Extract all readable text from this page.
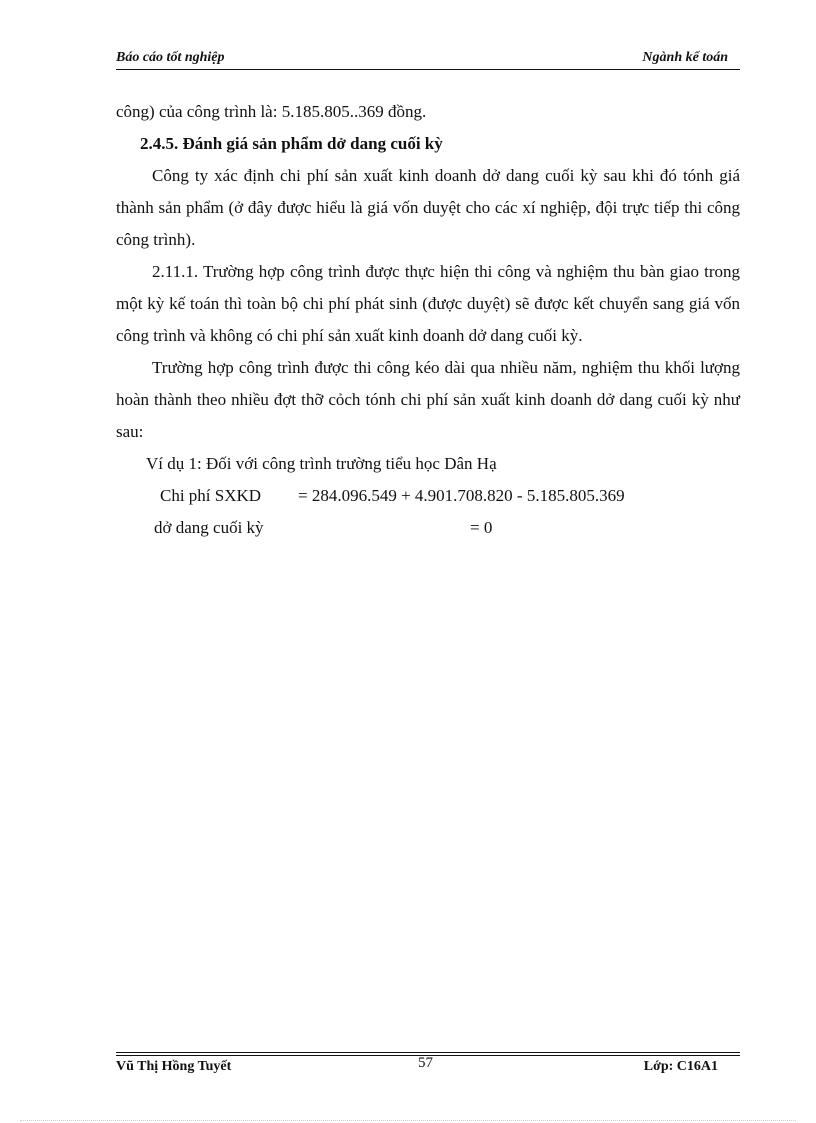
Báo cáo tốt nghiệp	Ngành kế toán

công) của công trình là: 5.185.805..369 đồng.

2.4.5. Đánh giá sản phẩm dở dang cuối kỳ

Công ty xác định chi phí sản xuất kinh doanh dở dang cuối kỳ sau khi đó tónh giá thành sản phẩm (ở đây được hiểu là giá vốn duyệt cho các xí nghiệp, đội trực tiếp thi công công trình).

2.11.1. Trường hợp công trình được thực hiện thi công và nghiệm thu bàn giao trong một kỳ kế toán thì toàn bộ chi phí phát sinh (được duyệt) sẽ được kết chuyển sang giá vốn công trình và không có chi phí sản xuất kinh doanh dở dang cuối kỳ.

Trường hợp công trình được thi công kéo dài qua nhiều năm, nghiệm thu khối lượng hoàn thành theo nhiều đợt thỡ cỏch tónh chi phí sản xuất kinh doanh dở dang cuối kỳ như sau:

Ví dụ 1: Đối với công trình trường tiểu học Dân Hạ

Chi phí SXKD = 284.096.549 + 4.901.708.820 - 5.185.805.369
dở dang cuối kỳ	= 0
Vũ Thị Hồng Tuyết	57	Lớp: C16A1
